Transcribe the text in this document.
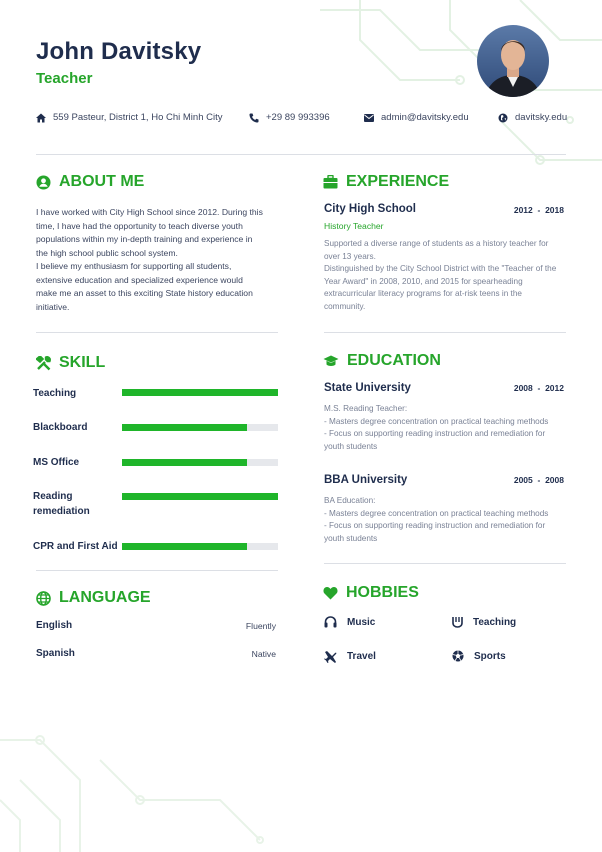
John Davitsky
Teacher
559 Pasteur, District 1, Ho Chi Minh City	+29 89 993396	admin@davitsky.edu	davitsky.edu
ABOUT ME
I have worked with City High School since 2012. During this
time, I have had the opportunity to teach diverse youth
populations within my in-depth training and experience in
the high school public school system.
I believe my enthusiasm for supporting all students,
extensive education and specialized experience would
make me an asset to this exciting State history education
initiative.
SKILL
Teaching
Blackboard
MS Office
Reading remediation
CPR and First Aid
LANGUAGE
English	Fluently
Spanish	Native
EXPERIENCE
City High School	2012  -  2018
History Teacher
Supported a diverse range of students as a history teacher for
over 13 years.
Distinguished by the City School District with the "Teacher of the
Year Award" in 2008, 2010, and 2015 for spearheading
extracurricular literacy programs for at-risk teens in the
community.
EDUCATION
State University	2008  -  2012
M.S. Reading Teacher:
- Masters degree concentration on practical teaching methods
- Focus on supporting reading instruction and remediation for
youth students
BBA University	2005  -  2008
BA Education:
- Masters degree concentration on practical teaching methods
- Focus on supporting reading instruction and remediation for
youth students
HOBBIES
Music	Teaching
Travel	Sports
